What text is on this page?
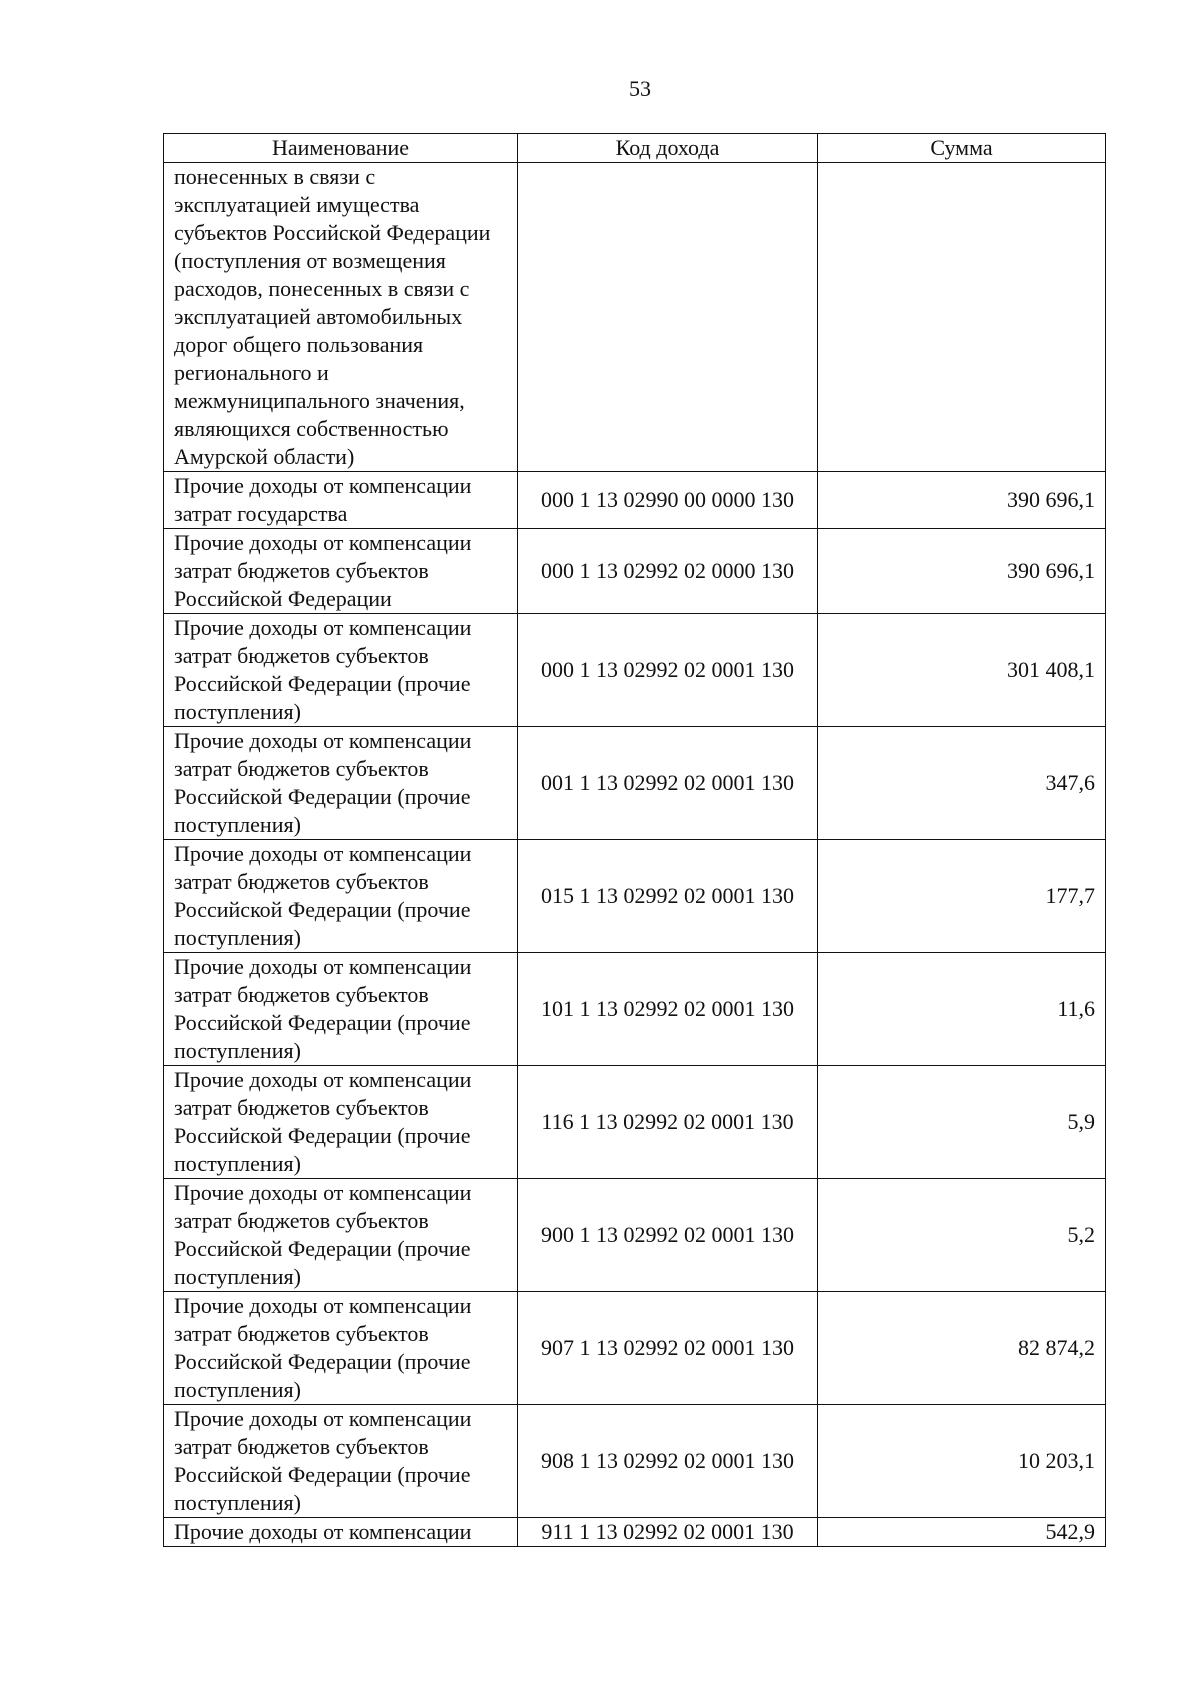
53
Наименование	Код дохода	Сумма
понесенных в связи с эксплуатацией имущества субъектов Российской Федерации (поступления от возмещения расходов, понесенных в связи с эксплуатацией автомобильных дорог общего пользования регионального и межмуниципального значения, являющихся собственностью Амурской области)		
Прочие доходы от компенсации затрат государства	000 1 13 02990 00 0000 130	390 696,1
Прочие доходы от компенсации затрат бюджетов субъектов Российской Федерации	000 1 13 02992 02 0000 130	390 696,1
Прочие доходы от компенсации затрат бюджетов субъектов Российской Федерации (прочие поступления)	000 1 13 02992 02 0001 130	301 408,1
Прочие доходы от компенсации затрат бюджетов субъектов Российской Федерации (прочие поступления)	001 1 13 02992 02 0001 130	347,6
Прочие доходы от компенсации затрат бюджетов субъектов Российской Федерации (прочие поступления)	015 1 13 02992 02 0001 130	177,7
Прочие доходы от компенсации затрат бюджетов субъектов Российской Федерации (прочие поступления)	101 1 13 02992 02 0001 130	11,6
Прочие доходы от компенсации затрат бюджетов субъектов Российской Федерации (прочие поступления)	116 1 13 02992 02 0001 130	5,9
Прочие доходы от компенсации затрат бюджетов субъектов Российской Федерации (прочие поступления)	900 1 13 02992 02 0001 130	5,2
Прочие доходы от компенсации затрат бюджетов субъектов Российской Федерации (прочие поступления)	907 1 13 02992 02 0001 130	82 874,2
Прочие доходы от компенсации затрат бюджетов субъектов Российской Федерации (прочие поступления)	908 1 13 02992 02 0001 130	10 203,1
Прочие доходы от компенсации	911 1 13 02992 02 0001 130	542,9
